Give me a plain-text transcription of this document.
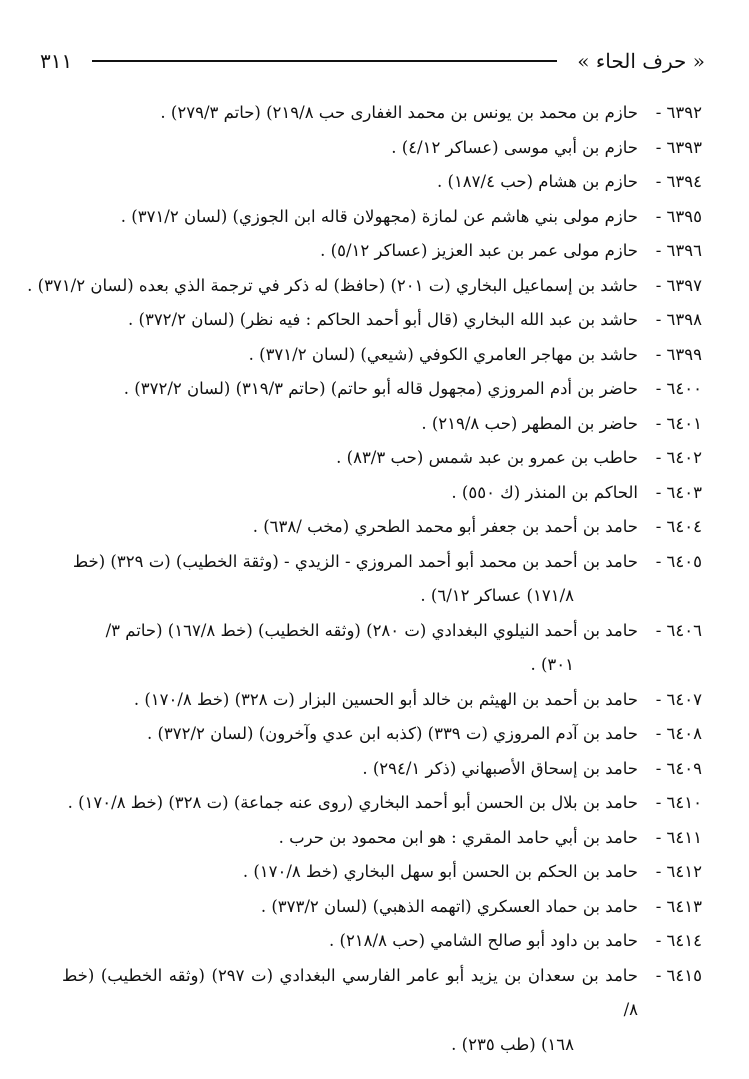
« حرف الحاء »
٣١١
٦٣٩٢ -
حازم بن محمد بن يونس بن محمد الغفارى حب ٢١٩/٨) (حاتم ٢٧٩/٣) .
٦٣٩٣ -
حازم بن أبي موسى (عساكر ٤/١٢) .
٦٣٩٤ -
حازم بن هشام (حب ١٨٧/٤) .
٦٣٩٥ -
حازم مولى بني هاشم عن لمازة (مجهولان قاله ابن الجوزي) (لسان ٣٧١/٢) .
٦٣٩٦ -
حازم مولى عمر بن عبد العزيز (عساكر ٥/١٢) .
٦٣٩٧ -
حاشد بن إسماعيل البخاري (ت ٢٠١) (حافظ) له ذكر في ترجمة الذي بعده (لسان ٣٧١/٢) .
٦٣٩٨ -
حاشد بن عبد الله البخاري (قال أبو أحمد الحاكم : فيه نظر) (لسان ٣٧٢/٢) .
٦٣٩٩ -
حاشد بن مهاجر العامري الكوفي (شيعي) (لسان ٣٧١/٢) .
٦٤٠٠ -
حاضر بن أدم المروزي (مجهول قاله أبو حاتم) (حاتم ٣١٩/٣) (لسان ٣٧٢/٢) .
٦٤٠١ -
حاضر بن المطهر (حب ٢١٩/٨) .
٦٤٠٢ -
حاطب بن عمرو بن عبد شمس (حب ٨٣/٣) .
٦٤٠٣ -
الحاكم بن المنذر (ك ٥٥٠) .
٦٤٠٤ -
حامد بن أحمد بن جعفر أبو محمد الطحري (مخب /٦٣٨) .
٦٤٠٥ -
حامد بن أحمد بن محمد أبو أحمد المروزي - الزيدي - (وثقة الخطيب) (ت ٣٢٩) (خط
١٧١/٨) عساكر ٦/١٢) .
٦٤٠٦ -
حامد بن أحمد النيلوي البغدادي (ت ٢٨٠) (وثقه الخطيب) (خط ١٦٧/٨) (حاتم ٣/
٣٠١) .
٦٤٠٧ -
حامد بن أحمد بن الهيثم بن خالد أبو الحسين البزار (ت ٣٢٨) (خط ١٧٠/٨) .
٦٤٠٨ -
حامد بن آدم المروزي (ت ٣٣٩) (كذبه ابن عدي وآخرون) (لسان ٣٧٢/٢) .
٦٤٠٩ -
حامد بن إسحاق الأصبهاني (ذكر ٢٩٤/١) .
٦٤١٠ -
حامد بن بلال بن الحسن أبو أحمد البخاري (روى عنه جماعة) (ت ٣٢٨) (خط ١٧٠/٨) .
٦٤١١ -
حامد بن أبي حامد المقري : هو ابن محمود بن حرب .
٦٤١٢ -
حامد بن الحكم بن الحسن أبو سهل البخاري (خط ١٧٠/٨) .
٦٤١٣ -
حامد بن حماد العسكري (اتهمه الذهبي) (لسان ٣٧٣/٢) .
٦٤١٤ -
حامد بن داود أبو صالح الشامي (حب ٢١٨/٨) .
٦٤١٥ -
حامد بن سعدان بن يزيد أبو عامر الفارسي البغدادي (ت ٢٩٧) (وثقه الخطيب) (خط ٨/
١٦٨) (طب ٢٣٥) .
